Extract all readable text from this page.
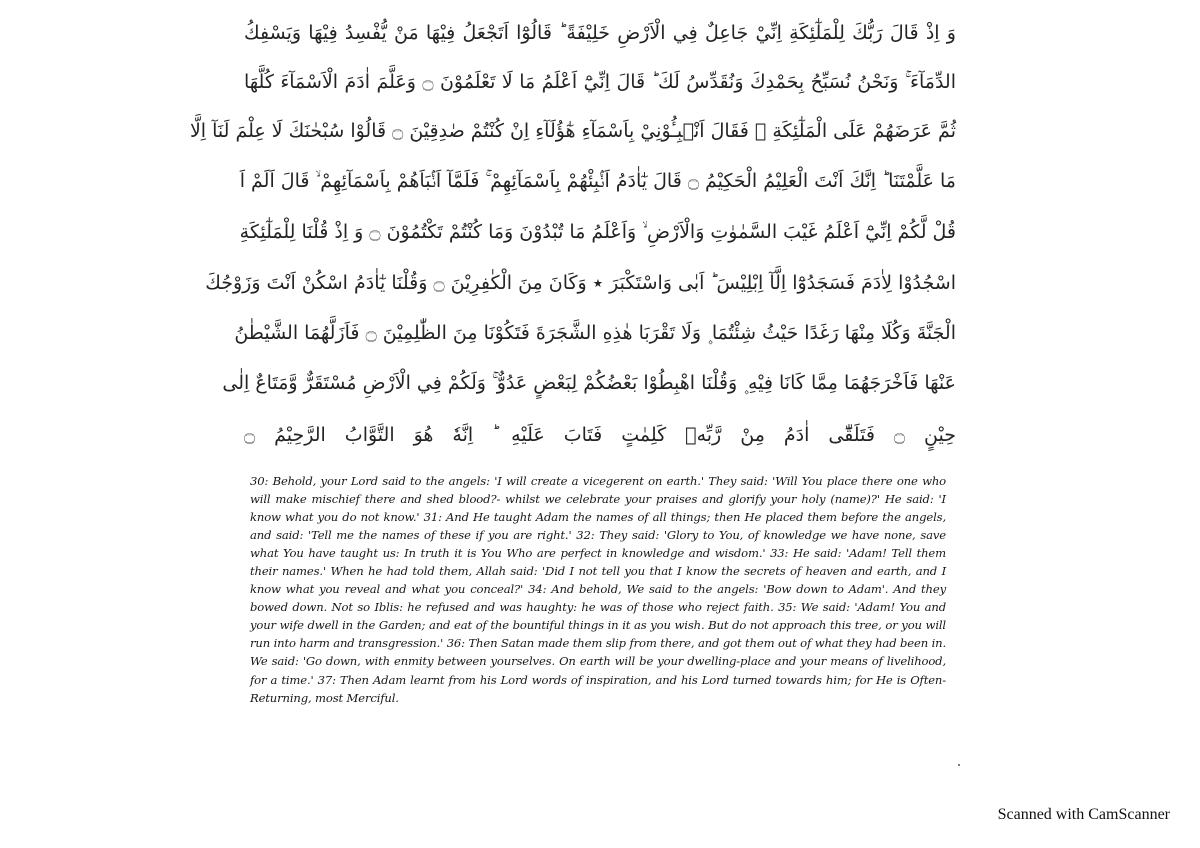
وَ اِذْ قَالَ رَبُّكَ لِلْمَلٰٓئِكَةِ اِنِّيْ جَاعِلٌ فِي الْاَرْضِ خَلِيْفَةً ؕ قَالُوْٓا اَتَجْعَلُ فِيْهَا مَنْ يُّفْسِدُ فِيْهَا وَيَسْفِكُ
الدِّمَآءَ ۚ وَنَحْنُ نُسَبِّحُ بِحَمْدِكَ وَنُقَدِّسُ لَكَ ؕ قَالَ اِنِّيْٓ اَعْلَمُ مَا لَا تَعْلَمُوْنَ ۝ وَعَلَّمَ اٰدَمَ الْاَسْمَآءَ كُلَّهَا
ثُمَّ عَرَضَهُمْ عَلَى الْمَلٰٓئِكَةِ ۙ فَقَالَ اَنْۢبِـُٔوْنِيْ بِاَسْمَآءِ هٰٓؤُلَآءِ اِنْ كُنْتُمْ صٰدِقِيْنَ ۝ قَالُوْا سُبْحٰنَكَ لَا عِلْمَ لَنَآ اِلَّا
مَا عَلَّمْتَنَا ؕ اِنَّكَ اَنْتَ الْعَلِيْمُ الْحَكِيْمُ ۝ قَالَ يٰٓاٰدَمُ اَنْۢبِئْهُمْ بِاَسْمَآئِهِمْ ۚ فَلَمَّآ اَنْۢبَاَهُمْ بِاَسْمَآئِهِمْ ۙ قَالَ اَلَمْ اَ
قُلْ لَّكُمْ اِنِّيْٓ اَعْلَمُ غَيْبَ السَّمٰوٰتِ وَالْاَرْضِ ۙ وَاَعْلَمُ مَا تُبْدُوْنَ وَمَا كُنْتُمْ تَكْتُمُوْنَ ۝ وَ اِذْ قُلْنَا لِلْمَلٰٓئِكَةِ
اسْجُدُوْا لِاٰدَمَ فَسَجَدُوْٓا اِلَّآ اِبْلِيْسَ ؕ اَبٰى وَاسْتَكْبَرَ ٭ وَكَانَ مِنَ الْكٰفِرِيْنَ ۝ وَقُلْنَا يٰٓاٰدَمُ اسْكُنْ اَنْتَ وَزَوْجُكَ
الْجَنَّةَ وَكُلَا مِنْهَا رَغَدًا حَيْثُ شِئْتُمَا ۪ وَلَا تَقْرَبَا هٰذِهِ الشَّجَرَةَ فَتَكُوْنَا مِنَ الظّٰلِمِيْنَ ۝ فَاَزَلَّهُمَا الشَّيْطٰنُ
عَنْهَا فَاَخْرَجَهُمَا مِمَّا كَانَا فِيْهِ ۪ وَقُلْنَا اهْبِطُوْا بَعْضُكُمْ لِبَعْضٍ عَدُوٌّ ۚ وَلَكُمْ فِي الْاَرْضِ مُسْتَقَرٌّ وَّمَتَاعٌ اِلٰى
حِيْنٍ ۝ فَتَلَقّٰٓى اٰدَمُ مِنْ رَّبِّهٖ كَلِمٰتٍ فَتَابَ عَلَيْهِ ؕ اِنَّهٗ هُوَ التَّوَّابُ الرَّحِيْمُ ۝
30: Behold, your Lord said to the angels: 'I will create a vicegerent on earth.' They said: 'Will You place there one who will make mischief there and shed blood?- whilst we celebrate your praises and glorify your holy (name)?' He said: 'I know what you do not know.' 31: And He taught Adam the names of all things; then He placed them before the angels, and said: 'Tell me the names of these if you are right.' 32: They said: 'Glory to You, of knowledge we have none, save what You have taught us: In truth it is You Who are perfect in knowledge and wisdom.' 33: He said: 'Adam! Tell them their names.' When he had told them, Allah said: 'Did I not tell you that I know the secrets of heaven and earth, and I know what you reveal and what you conceal?' 34: And behold, We said to the angels: 'Bow down to Adam'. And they bowed down. Not so Iblis: he refused and was haughty: he was of those who reject faith. 35: We said: 'Adam! You and your wife dwell in the Garden; and eat of the bountiful things in it as you wish. But do not approach this tree, or you will run into harm and transgression.' 36: Then Satan made them slip from there, and got them out of what they had been in. We said: 'Go down, with enmity between yourselves. On earth will be your dwelling-place and your means of livelihood, for a time.' 37: Then Adam learnt from his Lord words of inspiration, and his Lord turned towards him; for He is Often-Returning, most Merciful.
Scanned with CamScanner
